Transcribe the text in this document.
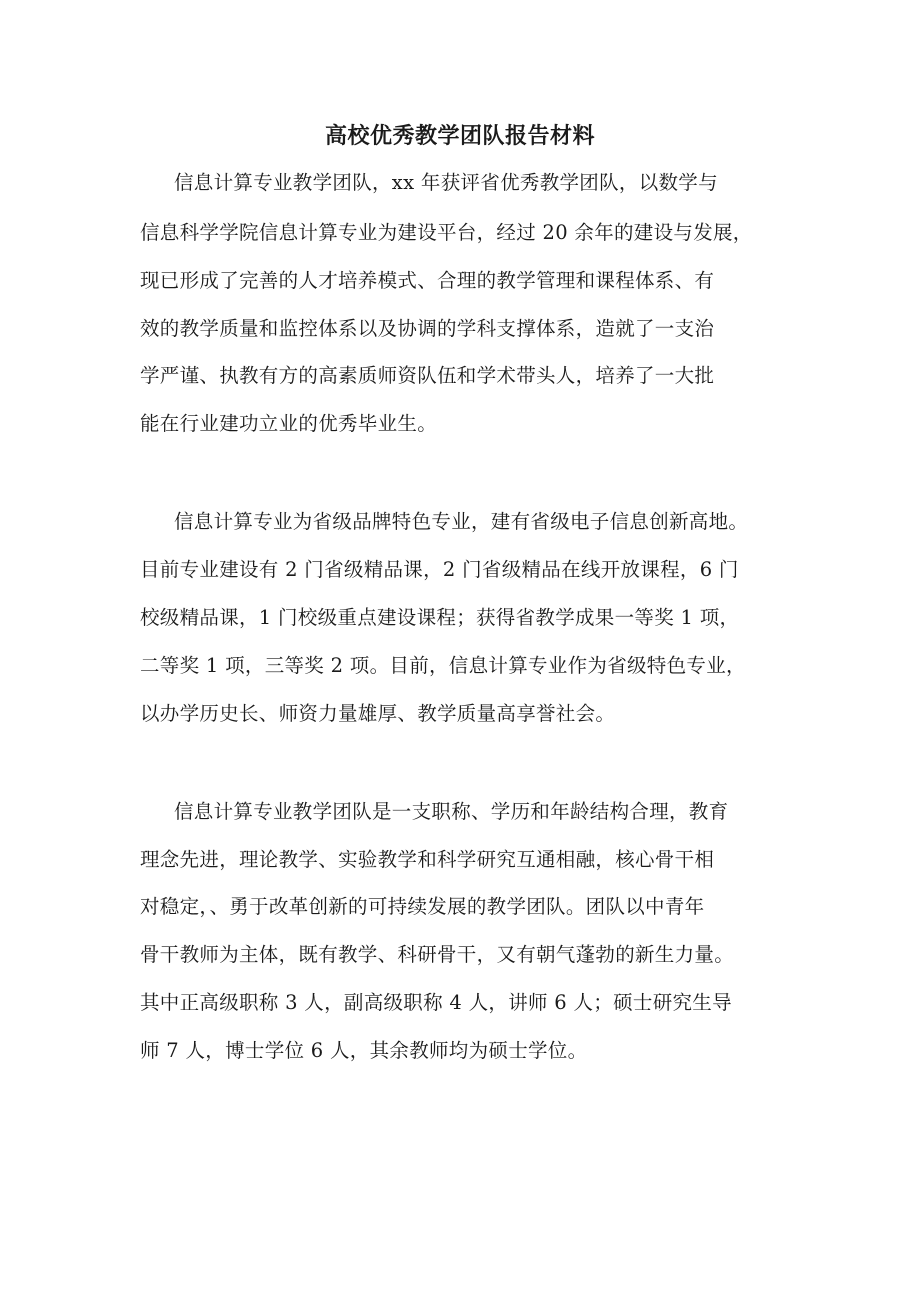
高校优秀教学团队报告材料
信息计算专业教学团队，xx 年获评省优秀教学团队，以数学与
信息科学学院信息计算专业为建设平台，经过 20 余年的建设与发展，
现已形成了完善的人才培养模式、合理的教学管理和课程体系、有
效的教学质量和监控体系以及协调的学科支撑体系，造就了一支治
学严谨、执教有方的高素质师资队伍和学术带头人，培养了一大批
能在行业建功立业的优秀毕业生。
信息计算专业为省级品牌特色专业，建有省级电子信息创新高地。
目前专业建设有 2 门省级精品课，2 门省级精品在线开放课程，6 门
校级精品课，1 门校级重点建设课程；获得省教学成果一等奖 1 项，
二等奖 1 项，三等奖 2 项。目前，信息计算专业作为省级特色专业，
以办学历史长、师资力量雄厚、教学质量高享誉社会。
信息计算专业教学团队是一支职称、学历和年龄结构合理，教育
理念先进，理论教学、实验教学和科学研究互通相融，核心骨干相
对稳定，、勇于改革创新的可持续发展的教学团队。团队以中青年
骨干教师为主体，既有教学、科研骨干，又有朝气蓬勃的新生力量。
其中正高级职称 3 人，副高级职称 4 人，讲师 6 人；硕士研究生导
师 7 人，博士学位 6 人，其余教师均为硕士学位。
